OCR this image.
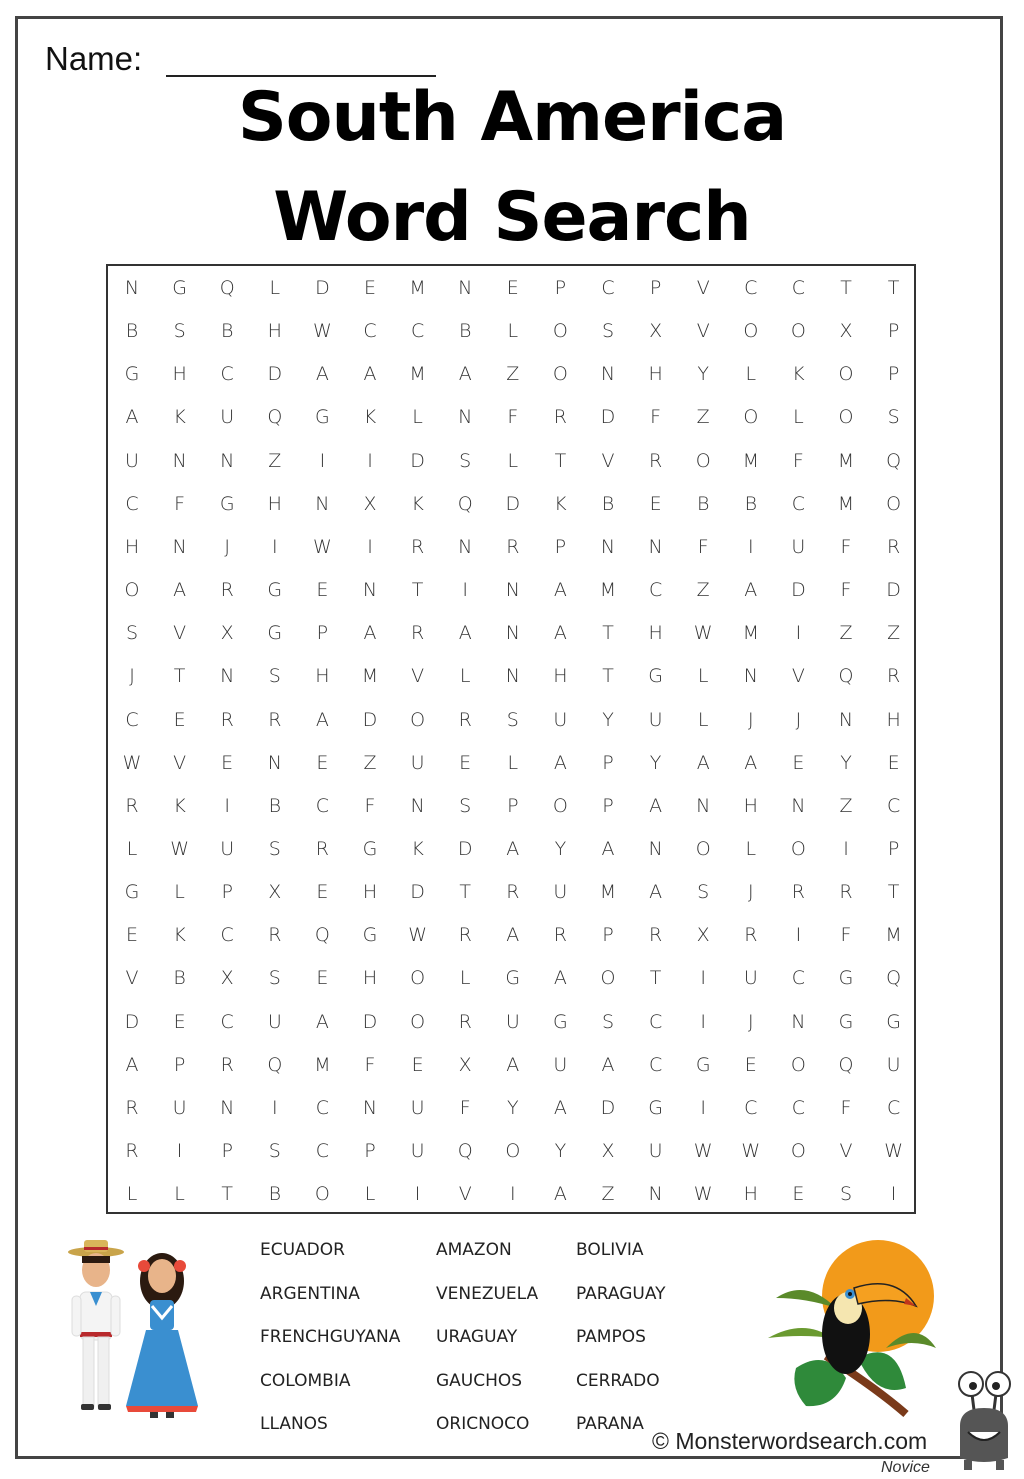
Name:
South America
Word Search
N	G	Q	L	D	E	M	N	E	P	C	P	V	C	C	T	T
B	S	B	H	W	C	C	B	L	O	S	X	V	O	O	X	P
G	H	C	D	A	A	M	A	Z	O	N	H	Y	L	K	O	P
A	K	U	Q	G	K	L	N	F	R	D	F	Z	O	L	O	S
U	N	N	Z	I	I	D	S	L	T	V	R	O	M	F	M	Q
C	F	G	H	N	X	K	Q	D	K	B	E	B	B	C	M	O
H	N	J	I	W	I	R	N	R	P	N	N	F	I	U	F	R
O	A	R	G	E	N	T	I	N	A	M	C	Z	A	D	F	D
S	V	X	G	P	A	R	A	N	A	T	H	W	M	I	Z	Z
J	T	N	S	H	M	V	L	N	H	T	G	L	N	V	Q	R
C	E	R	R	A	D	O	R	S	U	Y	U	L	J	J	N	H
W	V	E	N	E	Z	U	E	L	A	P	Y	A	A	E	Y	E
R	K	I	B	C	F	N	S	P	O	P	A	N	H	N	Z	C
L	W	U	S	R	G	K	D	A	Y	A	N	O	L	O	I	P
G	L	P	X	E	H	D	T	R	U	M	A	S	J	R	R	T
E	K	C	R	Q	G	W	R	A	R	P	R	X	R	I	F	M
V	B	X	S	E	H	O	L	G	A	O	T	I	U	C	G	Q
D	E	C	U	A	D	O	R	U	G	S	C	I	J	N	G	G
A	P	R	Q	M	F	E	X	A	U	A	C	G	E	O	Q	U
R	U	N	I	C	N	U	F	Y	A	D	G	I	C	C	F	C
R	I	P	S	C	P	U	Q	O	Y	X	U	W	W	O	V	W
L	L	T	B	O	L	I	V	I	A	Z	N	W	H	E	S	I
ECUADOR	AMAZON	BOLIVIA
ARGENTINA	VENEZUELA PARAGUAY
FRENCHGUYANA URAGUAY	PAMPOS
COLOMBIA	GAUCHOS	CERRADO
LLANOS	ORICNOCO	PARANA
© Monsterwordsearch.com
Novice
